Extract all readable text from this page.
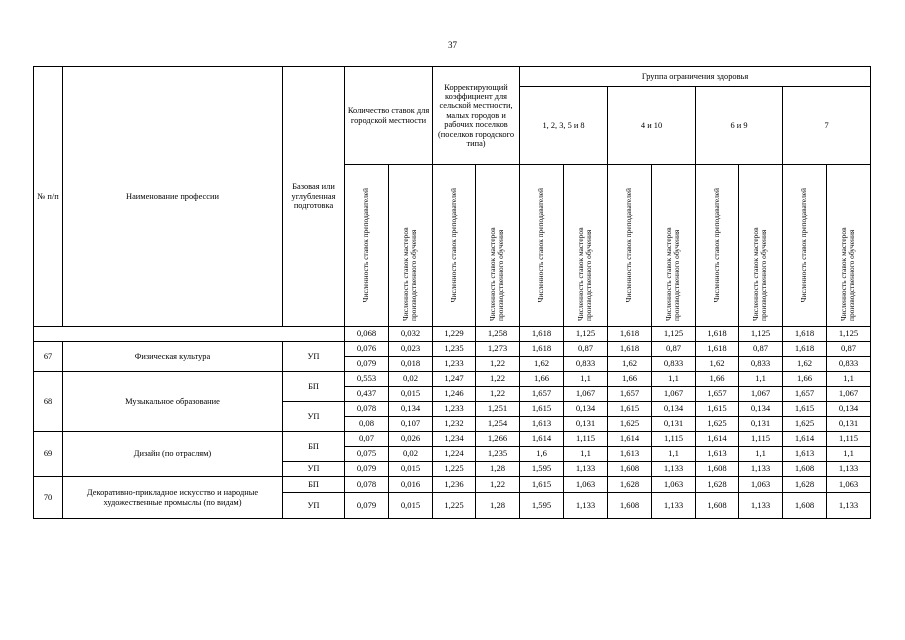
37
№ п/п	Наименование профессии	Базовая или углубленная подготовка	Количество ставок для городской местности		Корректирующий коэффициент для сельской местности, малых городов и рабочих поселков (поселков городского типа)		Группа ограничения здоровья							
							1, 2, 3, 5 и 8		4 и 10		6 и 9		7	

			Численность ставок преподавателей	Численность ставок мастеров производственного обучения	Численность ставок преподавателей	Численность ставок мастеров производственного обучения	Численность ставок преподавателей	Численность ставок мастеров производственного обучения	Численность ставок преподавателей	Численность ставок мастеров производственного обучения	Численность ставок преподавателей	Численность ставок мастеров производственного обучения	Численность ставок преподавателей	Численность ставок мастеров производственного обучения

			0,068	0,032	1,229	1,258	1,618	1,125	1,618	1,125	1,618	1,125	1,618	1,125
67	Физическая культура	УП	0,076	0,023	1,235	1,273	1,618	0,87	1,618	0,87	1,618	0,87	1,618	0,87
			0,079	0,018	1,233	1,22	1,62	0,833	1,62	0,833	1,62	0,833	1,62	0,833
68	Музыкальное образование	БП	0,553	0,02	1,247	1,22	1,66	1,1	1,66	1,1	1,66	1,1	1,66	1,1
			0,437	0,015	1,246	1,22	1,657	1,067	1,657	1,067	1,657	1,067	1,657	1,067
		УП	0,078	0,134	1,233	1,251	1,615	0,134	1,615	0,134	1,615	0,134	1,615	0,134
			0,08	0,107	1,232	1,254	1,613	0,131	1,625	0,131	1,625	0,131	1,625	0,131
69	Дизайн (по отраслям)	БП	0,07	0,026	1,234	1,266	1,614	1,115	1,614	1,115	1,614	1,115	1,614	1,115
			0,075	0,02	1,224	1,235	1,6	1,1	1,613	1,1	1,613	1,1	1,613	1,1
		УП	0,079	0,015	1,225	1,28	1,595	1,133	1,608	1,133	1,608	1,133	1,608	1,133
70	Декоративно-прикладное искусство и народные художественные промыслы (по видам)	БП	0,078	0,016	1,236	1,22	1,615	1,063	1,628	1,063	1,628	1,063	1,628	1,063
		УП	0,079	0,015	1,225	1,28	1,595	1,133	1,608	1,133	1,608	1,133	1,608	1,133
